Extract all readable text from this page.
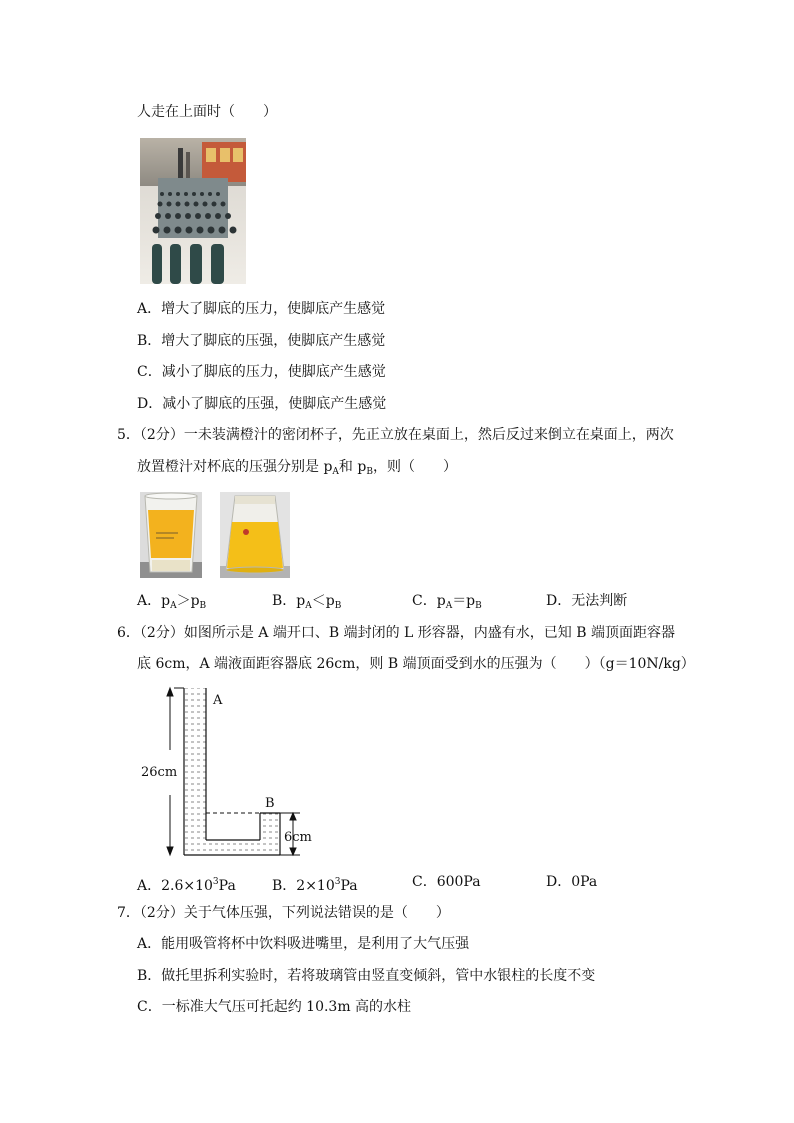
人走在上面时（　　）
A．增大了脚底的压力，使脚底产生感觉
B．增大了脚底的压强，使脚底产生感觉
C．减小了脚底的压力，使脚底产生感觉
D．减小了脚底的压强，使脚底产生感觉
5．（2分）一未装满橙汁的密闭杯子，先正立放在桌面上，然后反过来倒立在桌面上，两次
放置橙汁对杯底的压强分别是 $p_A$和 $p_B$，则（　　）
A．$p_A>p_B$	B．$p_A<p_B$	C．$p_A=p_B$	D．无法判断
6．（2分）如图所示是 A 端开口、B 端封闭的 L 形容器，内盛有水，已知 B 端顶面距容器
底 6cm，A 端液面距容器底 26cm，则 B 端顶面受到水的压强为（　　）（g＝10N/kg）
A
B
26cm
6cm
A．$2.6\times 10^3Pa$	B．$2\times 10^3Pa$	C．600Pa	D．0Pa
7．（2分）关于气体压强，下列说法错误的是（　　）
A．能用吸管将杯中饮料吸进嘴里，是利用了大气压强
B．做托里拆利实验时，若将玻璃管由竖直变倾斜，管中水银柱的长度不变
C．一标准大气压可托起约 10.3m 高的水柱
